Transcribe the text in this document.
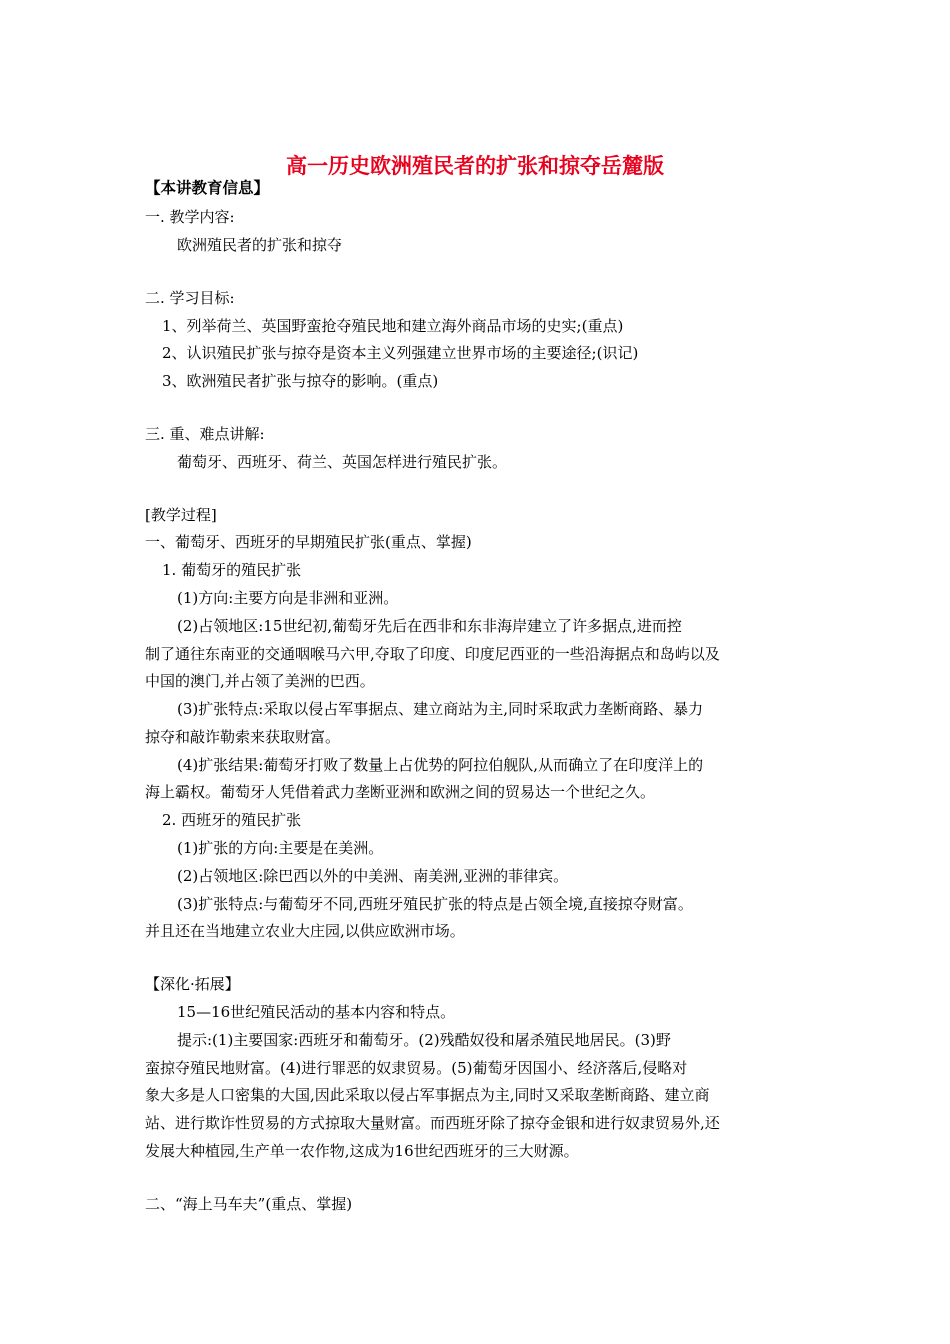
高一历史欧洲殖民者的扩张和掠夺岳麓版
【本讲教育信息】
一. 教学内容:
欧洲殖民者的扩张和掠夺
二. 学习目标:
1、列举荷兰、英国野蛮抢夺殖民地和建立海外商品市场的史实;(重点)
2、认识殖民扩张与掠夺是资本主义列强建立世界市场的主要途径;(识记)
3、欧洲殖民者扩张与掠夺的影响。(重点)
三. 重、难点讲解:
葡萄牙、西班牙、荷兰、英国怎样进行殖民扩张。
[教学过程]
一、葡萄牙、西班牙的早期殖民扩张(重点、掌握)
1. 葡萄牙的殖民扩张
(1)方向:主要方向是非洲和亚洲。
(2)占领地区:15世纪初,葡萄牙先后在西非和东非海岸建立了许多据点,进而控
制了通往东南亚的交通咽喉马六甲,夺取了印度、印度尼西亚的一些沿海据点和岛屿以及
中国的澳门,并占领了美洲的巴西。
(3)扩张特点:采取以侵占军事据点、建立商站为主,同时采取武力垄断商路、暴力
掠夺和敲诈勒索来获取财富。
(4)扩张结果:葡萄牙打败了数量上占优势的阿拉伯舰队,从而确立了在印度洋上的
海上霸权。葡萄牙人凭借着武力垄断亚洲和欧洲之间的贸易达一个世纪之久。
2. 西班牙的殖民扩张
(1)扩张的方向:主要是在美洲。
(2)占领地区:除巴西以外的中美洲、南美洲,亚洲的菲律宾。
(3)扩张特点:与葡萄牙不同,西班牙殖民扩张的特点是占领全境,直接掠夺财富。
并且还在当地建立农业大庄园,以供应欧洲市场。
【深化·拓展】
15—16世纪殖民活动的基本内容和特点。
提示:(1)主要国家:西班牙和葡萄牙。(2)残酷奴役和屠杀殖民地居民。(3)野
蛮掠夺殖民地财富。(4)进行罪恶的奴隶贸易。(5)葡萄牙因国小、经济落后,侵略对
象大多是人口密集的大国,因此采取以侵占军事据点为主,同时又采取垄断商路、建立商
站、进行欺诈性贸易的方式掠取大量财富。而西班牙除了掠夺金银和进行奴隶贸易外,还
发展大种植园,生产单一农作物,这成为16世纪西班牙的三大财源。
二、“海上马车夫”(重点、掌握)
